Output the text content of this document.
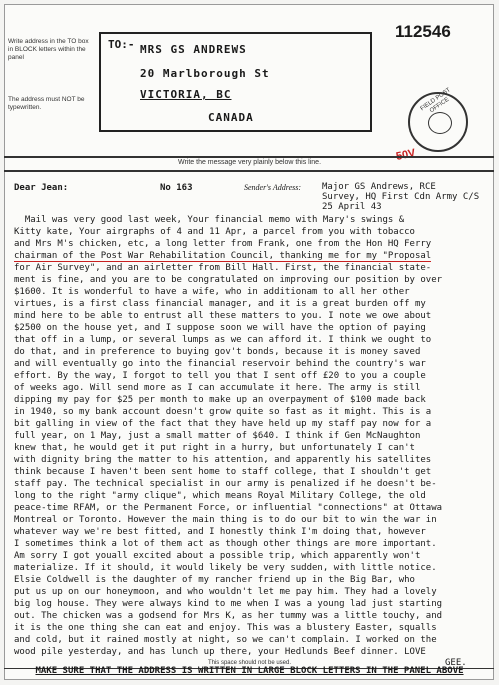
Write address in the TO box in BLOCK letters within the panel
The address must NOT be typewritten.
TO:- MRS GS ANDREWS
20 Marlborough St
VICTORIA, BC
CANADA
112546
FIELD POST OFFICE
50V
Write the message very plainly below this line.
Dear Jean:	No 163	Sender's Address: Major GS Andrews, RCE
Survey, HQ First Cdn Army C/S
25 April 43
Mail was very good last week, Your financial memo with Mary's swings &
Kitty kate, Your airgraphs of 4 and 11 Apr, a parcel from you with tobacco
and Mrs M's chicken, etc, a long letter from Frank, one from the Hon HQ Ferry
chairman of the Post War Rehabilitation Council, thanking me for my "Proposal
for Air Survey", and an airletter from Bill Hall. First, the financial state-
ment is fine, and you are to be congratulated on improving our position by over
$1600. It is wonderful to have a wife, who in additionam to all her other
virtues, is a first class financial manager, and it is a great burden off my
mind here to be able to entrust all these matters to you. I note we owe about
$2500 on the house yet, and I suppose soon we will have the option of paying
that off in a lump, or several lumps as we can afford it. I think we ought to
do that, and in preference to buying gov't bonds, because it is money saved
and will eventually go into the financial reservoir behind the country's war
effort. By the way, I forgot to tell you that I sent off £20 to you a couple
of weeks ago. Will send more as I can accumulate it here. The army is still
dipping my pay for $25 per month to make up an overpayment of $100 made back
in 1940, so my bank account doesn't grow quite so fast as it might. This is a
bit galling in view of the fact that they have held up my staff pay now for a
full year, on 1 May, just a small matter of $640. I think if Gen McNaughton
knew that, he would get it put right in a hurry, but unfortunately I can't
with dignity bring the matter to his attention, and apparently his satellites
think because I haven't been sent home to staff college, that I shouldn't get
staff pay. The technical specialist in our army is penalized if he doesn't be-
long to the right "army clique", which means Royal Military College, the old
peace-time RFAM, or the Permanent Force, or influential "connections" at Ottawa
Montreal or Toronto. However the main thing is to do our bit to win the war in
whatever way we're best fitted, and I honestly think I'm doing that, however
I sometimes think a lot of them act as though other things are more important.
Am sorry I got youall excited about a possible trip, which apparently won't
materialize. If it should, it would likely be very sudden, with little notice.
Elsie Coldwell is the daughter of my rancher friend up in the Big Bar, who
put us up on our honeymoon, and who wouldn't let me pay him. They had a lovely
big log house. They were always kind to me when I was a young lad just starting
out. The chicken was a godsend for Mrs K, as her tummy was a little touchy, and
it is the one thing she can eat and enjoy. This was a blustery Easter, squalls
and cold, but it rained mostly at night, so we can't complain. I worked on the
wood pile yesterday, and has lunch up there, your Hedlunds Beef dinner. LOVE
GEE.
This space should not be used.
MAKE SURE THAT THE ADDRESS IS WRITTEN IN LARGE BLOCK LETTERS IN THE PANEL ABOVE
